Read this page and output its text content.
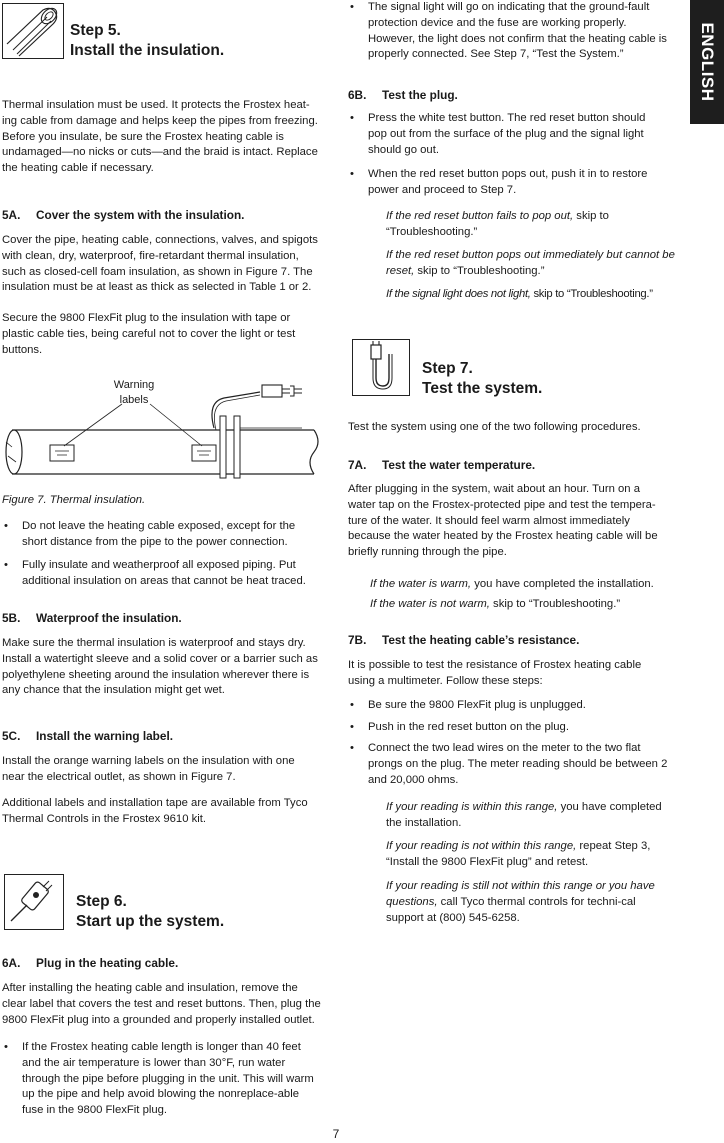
ENGLISH
Step 5.
Install the insulation.

Thermal insulation must be used. It protects the Frostex heat-ing cable from damage and helps keep the pipes from freezing. Before you insulate, be sure the Frostex heating cable is undamaged—no nicks or cuts—and the braid is intact. Replace the heating cable if necessary.

5A. Cover the system with the insulation.

Cover the pipe, heating cable, connections, valves, and spigots with clean, dry, waterproof, fire-retardant thermal insulation, such as closed-cell foam insulation, as shown in Figure 7. The insulation must be at least as thick as selected in Table 1 or 2.

Secure the 9800 FlexFit plug to the insulation with tape or plastic cable ties, being careful not to cover the light or test buttons.

Warning
labels

Figure 7. Thermal insulation.

• Do not leave the heating cable exposed, except for the short distance from the pipe to the power connection.
• Fully insulate and weatherproof all exposed piping. Put additional insulation on areas that cannot be heat traced.
5B. Waterproof the insulation.

Make sure the thermal insulation is waterproof and stays dry. Install a watertight sleeve and a solid cover or a barrier such as polyethylene sheeting around the insulation wherever there is any chance that the insulation might get wet.

5C. Install the warning label.

Install the orange warning labels on the insulation with one near the electrical outlet, as shown in Figure 7.

Additional labels and installation tape are available from Tyco Thermal Controls in the Frostex 9610 kit.

Step 6.
Start up the system.
6A. Plug in the heating cable.

After installing the heating cable and insulation, remove the clear label that covers the test and reset buttons. Then, plug the 9800 FlexFit plug into a grounded and properly installed outlet.

• If the Frostex heating cable length is longer than 40 feet and the air temperature is lower than 30°F, run water through the pipe before plugging in the unit. This will warm up the pipe and help avoid blowing the nonreplace-able fuse in the 9800 FlexFit plug.
• The signal light will go on indicating that the ground-fault protection device and the fuse are working properly. However, the light does not confirm that the heating cable is properly connected. See Step 7, “Test the System.”
6B. Test the plug.
• Press the white test button. The red reset button should pop out from the surface of the plug and the signal light should go out.
• When the red reset button pops out, push it in to restore power and proceed to Step 7.
If the red reset button fails to pop out, skip to “Troubleshooting.”
If the red reset button pops out immediately but cannot be reset, skip to “Troubleshooting.”
If the signal light does not light, skip to “Troubleshooting.”
Step 7.
Test the system.

Test the system using one of the two following procedures.

7A. Test the water temperature.

After plugging in the system, wait about an hour. Turn on a water tap on the Frostex-protected pipe and test the tempera-ture of the water. It should feel warm almost immediately because the water heated by the Frostex heating cable will be briefly running through the pipe.

If the water is warm, you have completed the installation.
If the water is not warm, skip to “Troubleshooting.”
7B. Test the heating cable’s resistance.

It is possible to test the resistance of Frostex heating cable using a multimeter. Follow these steps:

• Be sure the 9800 FlexFit plug is unplugged.
• Push in the red reset button on the plug.
• Connect the two lead wires on the meter to the two flat prongs on the plug. The meter reading should be between 2 and 20,000 ohms.
If your reading is within this range, you have completed the installation.
If your reading is not within this range, repeat Step 3, “Install the 9800 FlexFit plug” and retest.
If your reading is still not within this range or you have questions, call Tyco thermal controls for techni-cal support at (800) 545-6258.
7
